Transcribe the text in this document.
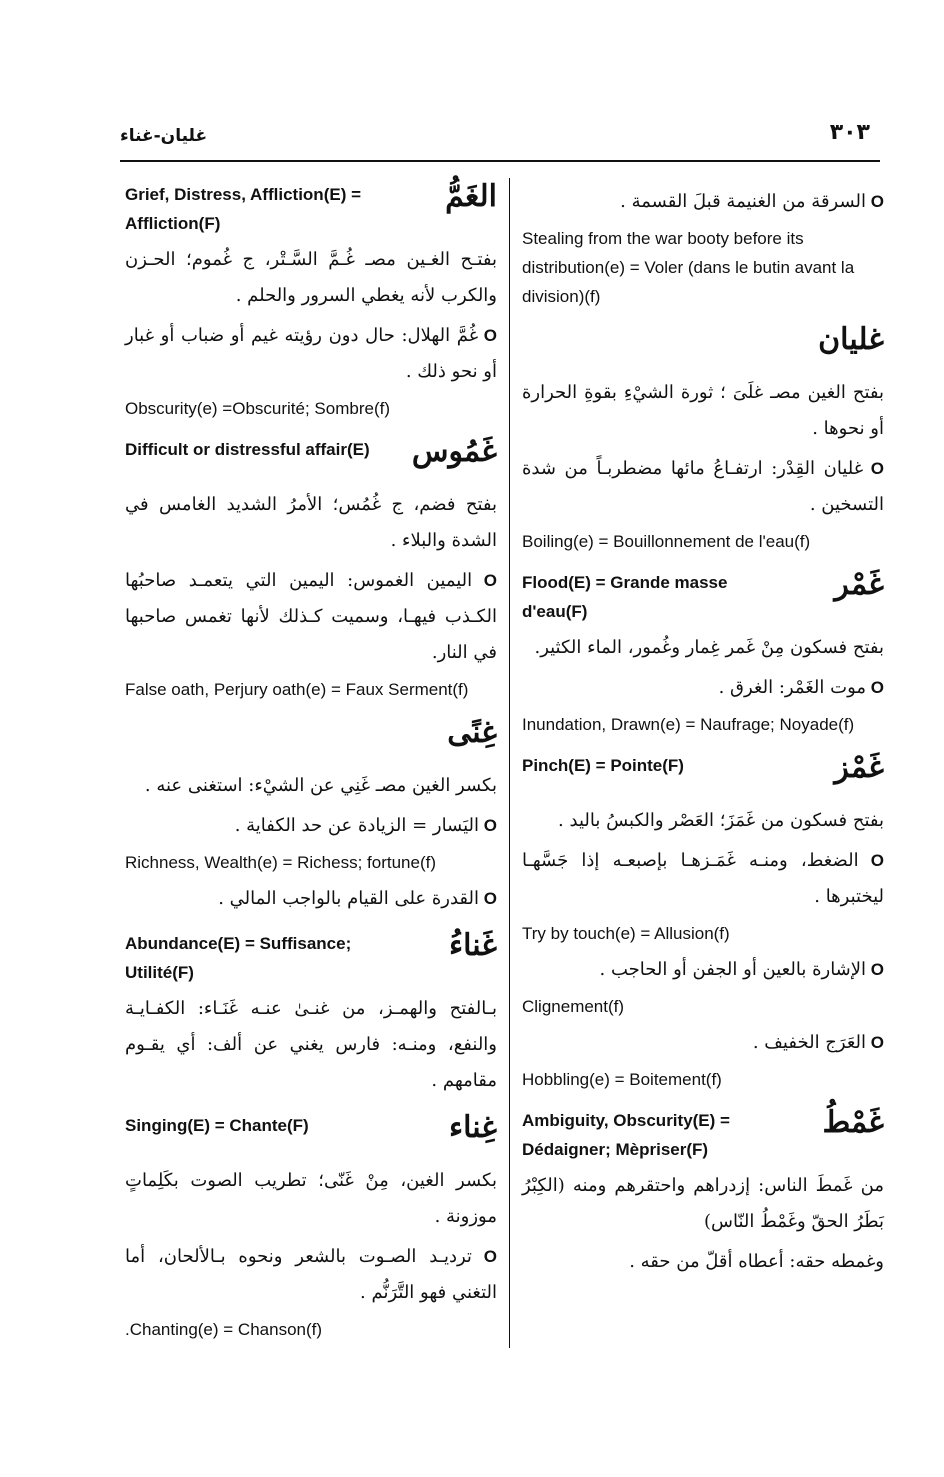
غليان-غناء	٣٠٣
الغَمُّ
Grief, Distress, Affliction(E) = Affliction(F)
بفتـح الغـين مصـ غُـمَّ السَّـتْر، ج غُموم؛ الحـزن والكرب لأنه يغطي السرور والحلم .
O غُمَّ الهلال: حال دون رؤيته غيم أو ضباب أو غبار أو نحو ذلك .
Obscurity(e) =Obscurité; Sombre(f)
غَمُوس
Difficult or distressful affair(E)
بفتح فضم، ج غُمُس؛ الأمرُ الشديد الغامس في الشدة والبلاء .
O اليمين الغموس: اليمين التي يتعمـد صاحبُها الكـذب فيهـا، وسميت كـذلك لأنها تغمس صاحبها في النار.
False oath, Perjury oath(e) = Faux Serment(f)
غِنًى
بكسر الغين مصـ غَنِي عن الشيْء: استغنى عنه .
O اليَسار = الزيادة عن حد الكفاية .
Richness, Wealth(e) = Richess; fortune(f)
O القدرة على القيام بالواجب المالي .
غَناءُ
Abundance(E) = Suffisance; Utilité(F)
بـالفتح والهمـز، من غنـىٰ عنـه غَنَـاء: الكفـايـة والنفع، ومنـه: فارس يغني عن ألف: أي يقـوم مقامهم .
غِناء
Singing(E) = Chante(F)
بكسر الغين، مِنْ غَنّى؛ تطريب الصوت بكَلِماتٍ موزونة .
O ترديـد الصـوت بالشعر ونحوه بـالألحان، أما التغني فهو التَّرَنُّم .
.Chanting(e) = Chanson(f)
O السرقة من الغنيمة قبلَ القسمة .
Stealing from the war booty before its distribution(e) = Voler (dans le butin avant la division)(f)
غليان
بفتح الغين مصـ غلَىَ ؛ ثورة الشيْءِ بقوةِ الحرارة أو نحوها .
O غليان القِدْر: ارتفـاعُ مائها مضطربـاً من شدة التسخين .
Boiling(e) = Bouillonnement de l'eau(f)
غَمْر
Flood(E) = Grande masse d'eau(F)
بفتح فسكون مِنْ غَمر غِمار وغُمور، الماء الكثير.
O موت الغَمْر: الغرق .
Inundation, Drawn(e) = Naufrage; Noyade(f)
غَمْز
Pinch(E) = Pointe(F)
بفتح فسكون من غَمَزَ؛ العَصْر والكبسُ باليد .
O الضغط، ومنـه غَمَـزهـا بإصبعـه إذا جَسَّهـا ليختبرها .
Try by touch(e) = Allusion(f)
O الإشارة بالعين أو الجفن أو الحاجب .
Clignement(f)
O العَرَج الخفيف .
Hobbling(e) = Boitement(f)
غَمْطُ
Ambiguity, Obscurity(E) = Dédaigner; Mèpriser(F)
من غَمطَ الناس: إزدراهم واحتقرهم ومنه (الكِبْرُ بَطَرُ الحقّ وغَمْطُ النّاس)
وغمطه حقه: أعطاه أقلّ من حقه .
